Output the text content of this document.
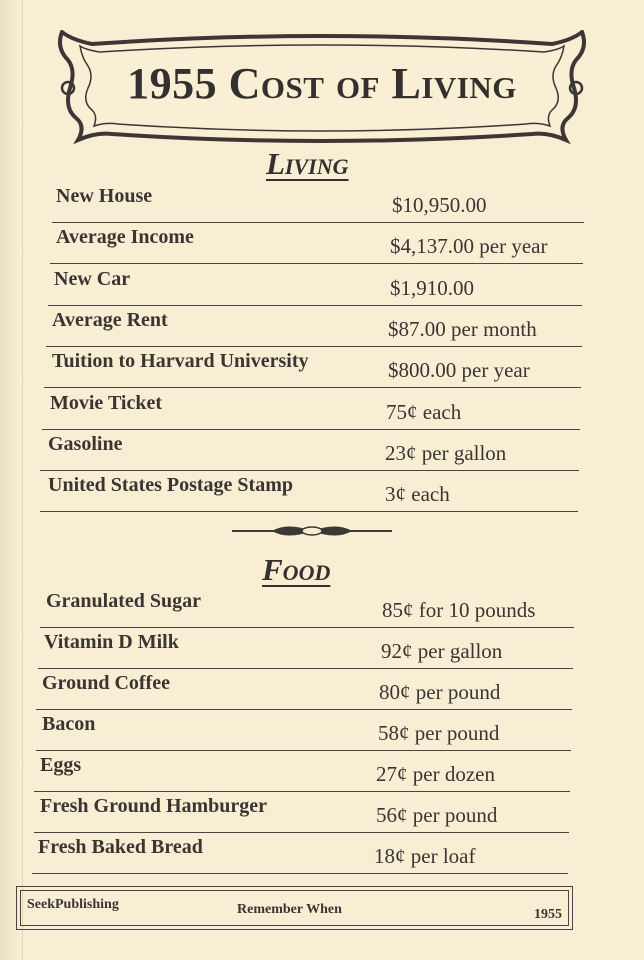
1955 Cost of Living
Living
New House	$10,950.00
Average Income	$4,137.00 per year
New Car	$1,910.00
Average Rent	$87.00 per month
Tuition to Harvard University	$800.00 per year
Movie Ticket	75¢ each
Gasoline	23¢ per gallon
United States Postage Stamp	3¢ each
Food
Granulated Sugar	85¢ for 10 pounds
Vitamin D Milk	92¢ per gallon
Ground Coffee	80¢ per pound
Bacon	58¢ per pound
Eggs	27¢ per dozen
Fresh Ground Hamburger	56¢ per pound
Fresh Baked Bread	18¢ per loaf
SeekPublishing	Remember When	1955
